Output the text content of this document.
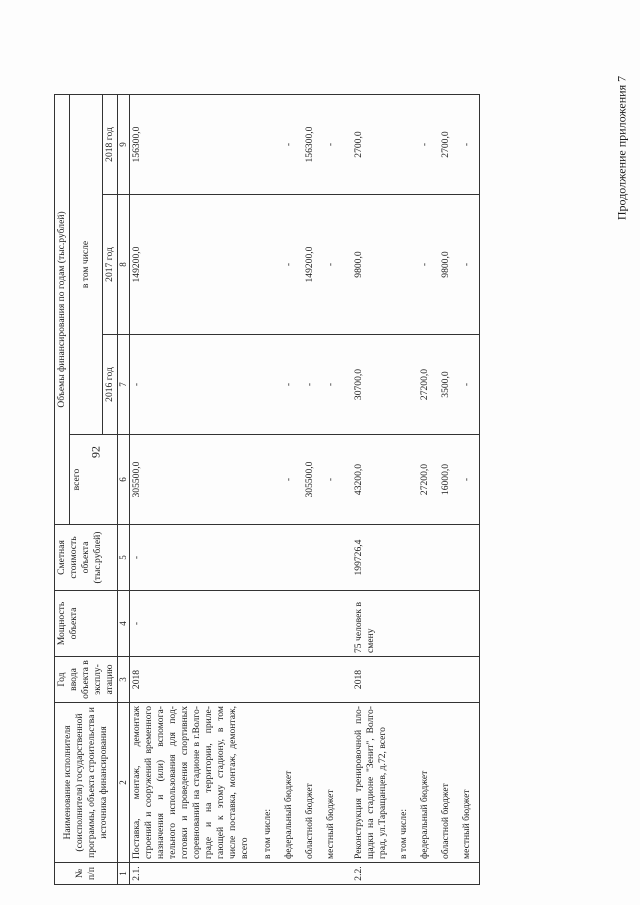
92
Продолжение приложения 7
№ п/п	Наименование исполнителя (соисполнителя) государственной программы, объекта строительства и источника финансирования	Год ввода объекта в эксплу-атацию	Мощность объекта	Сметная стоимость объекта (тыс.рублей)	Объемы финансирования по годам (тыс.рублей)			
					всего	в том числе		
						2016 год	2017 год	2018 год
1	2	3	4	5	6	7	8	9
2.1.	Поставка, монтаж, демонтаж строений и сооружений временного назначения и (или) вспомога-тельного использования для под-готовки и проведения спортивных соревнований на стадионе в г.Волго-граде и на территории, приле-гающей к этому стадиону, в том числе поставка, монтаж, демонтаж, всего	2018	-	-	305500,0	-	149200,0	156300,0
	в том числе:							
	федеральный бюджет				-	-	-	-
	областной бюджет				305500,0	-	149200,0	156300,0
	местный бюджет				-	-	-	-
2.2.	Реконструкция тренировочной пло-щадки на стадионе "Зенит", Волго-град, ул.Таращанцев, д.72, всего	2018	75 человек в смену	199726,4	43200,0	30700,0	9800,0	2700,0
	в том числе:							
	федеральный бюджет				27200,0	27200,0	-	-
	областной бюджет				16000,0	3500,0	9800,0	2700,0
	местный бюджет				-	-	-	-
